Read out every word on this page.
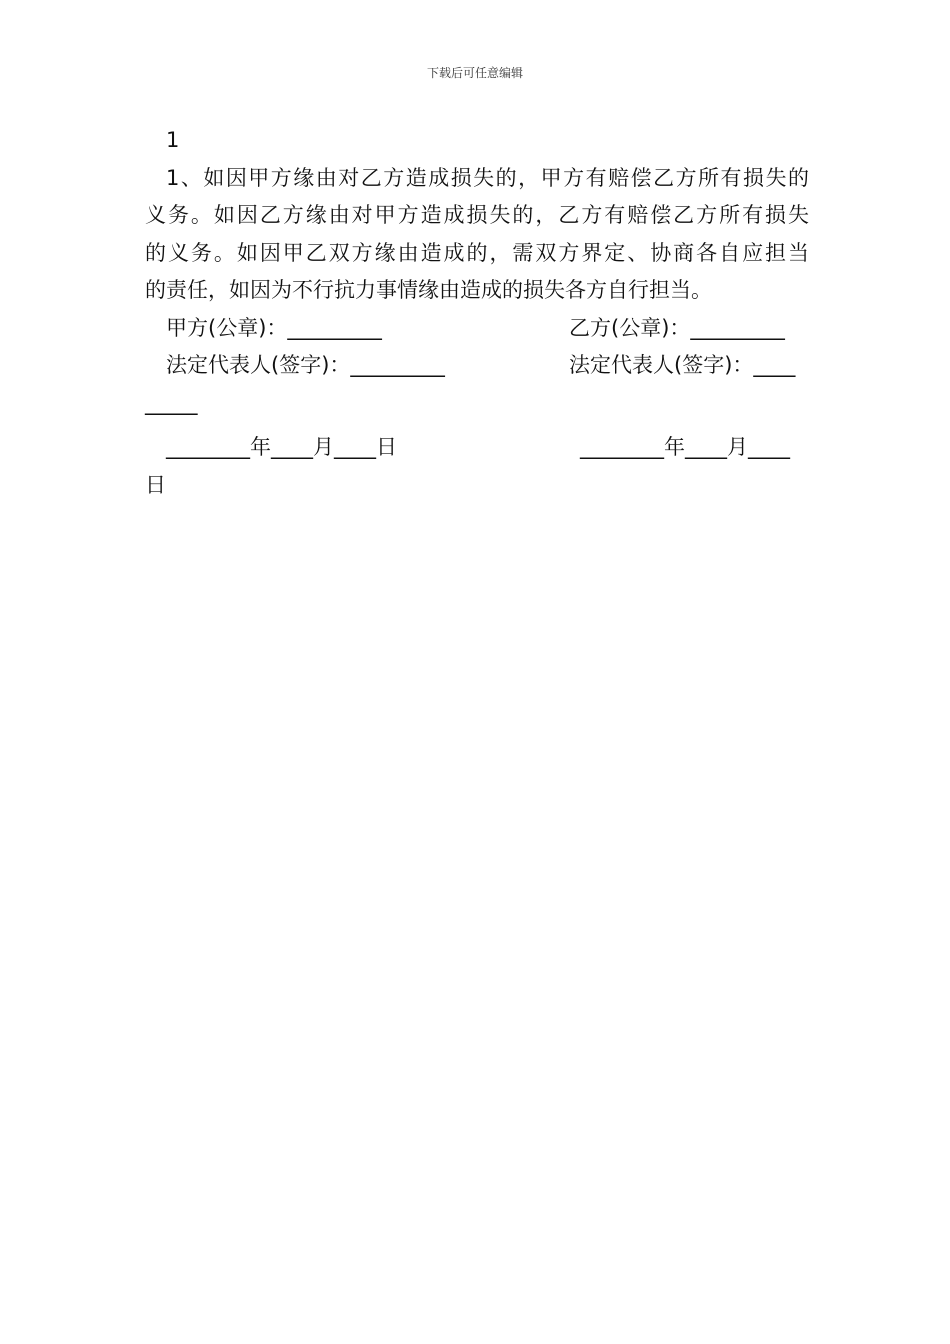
下载后可任意编辑
1
1、如因甲方缘由对乙方造成损失的，甲方有赔偿乙方所有损失的
义务。如因乙方缘由对甲方造成损失的，乙方有赔偿乙方所有损失
的义务。如因甲乙双方缘由造成的，需双方界定、协商各自应担当
的责任，如因为不行抗力事情缘由造成的损失各方自行担当。
甲方(公章)：_________	乙方(公章)：_________
法定代表人(签字)：_________	法定代表人(签字)：____
_____
________年____月____日	________年____月____
日
